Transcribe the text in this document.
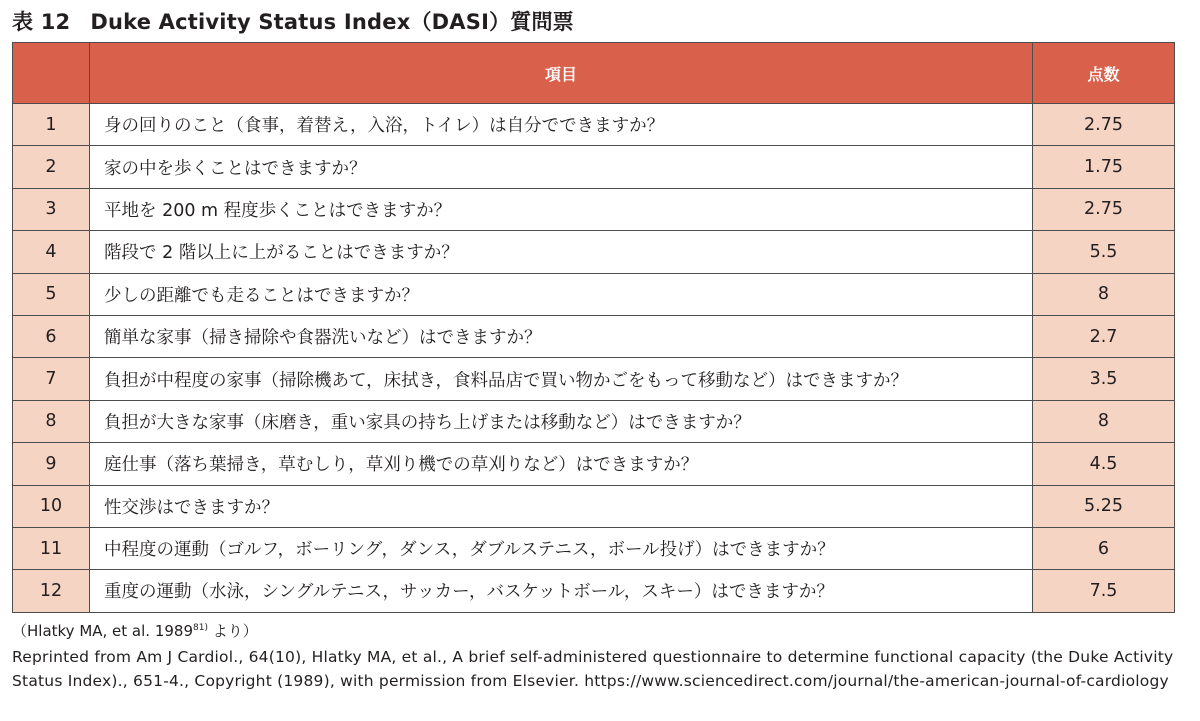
表 12 Duke Activity Status Index（DASI）質問票
	項目	点数
1	身の回りのこと（食事，着替え，入浴，トイレ）は自分でできますか？	2.75
2	家の中を歩くことはできますか？	1.75
3	平地を 200 m 程度歩くことはできますか？	2.75
4	階段で 2 階以上に上がることはできますか？	5.5
5	少しの距離でも走ることはできますか？	8
6	簡単な家事（掃き掃除や食器洗いなど）はできますか？	2.7
7	負担が中程度の家事（掃除機あて，床拭き，食料品店で買い物かごをもって移動など）はできますか？	3.5
8	負担が大きな家事（床磨き，重い家具の持ち上げまたは移動など）はできますか？	8
9	庭仕事（落ち葉掃き，草むしり，草刈り機での草刈りなど）はできますか？	4.5
10	性交渉はできますか？	5.25
11	中程度の運動（ゴルフ，ボーリング，ダンス，ダブルステニス，ボール投げ）はできますか？	6
12	重度の運動（水泳，シングルテニス，サッカー，バスケットボール，スキー）はできますか？	7.5
（Hlatky MA, et al. 1989$^{81)}$ より）
Reprinted from Am J Cardiol., 64(10), Hlatky MA, et al., A brief self-administered questionnaire to determine functional capacity (the Duke Activity Status Index)., 651-4., Copyright (1989), with permission from Elsevier. https://www.sciencedirect.com/journal/the-american-journal-of-cardiology
